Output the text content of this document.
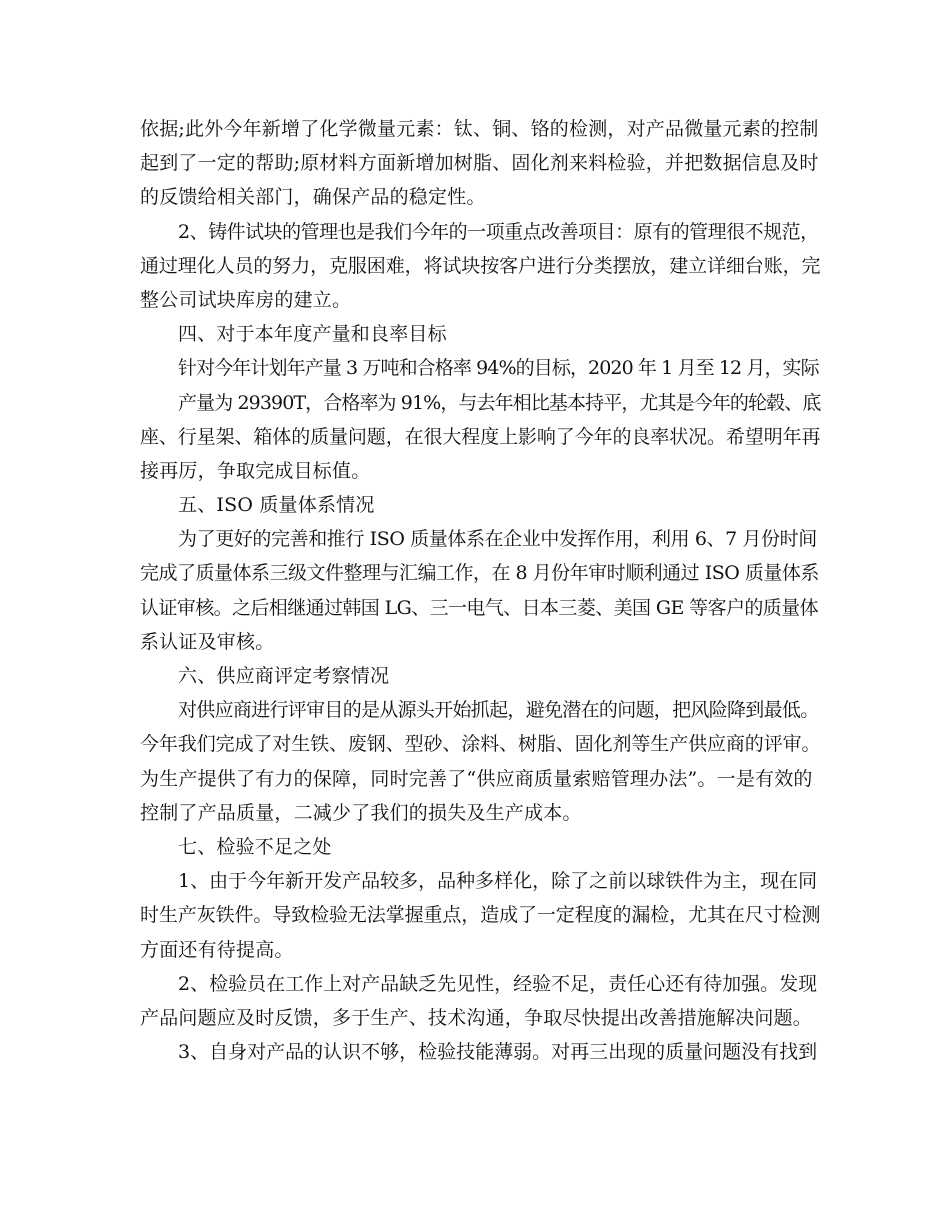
依据;此外今年新增了化学微量元素：钛、铜、铬的检测，对产品微量元素的控制
起到了一定的帮助;原材料方面新增加树脂、固化剂来料检验，并把数据信息及时
的反馈给相关部门，确保产品的稳定性。
2、铸件试块的管理也是我们今年的一项重点改善项目：原有的管理很不规范，
通过理化人员的努力，克服困难，将试块按客户进行分类摆放，建立详细台账，完
整公司试块库房的建立。
四、对于本年度产量和良率目标
针对今年计划年产量 3 万吨和合格率 94%的目标，2020 年 1 月至 12 月，实际
产量为 29390T，合格率为 91%，与去年相比基本持平，尤其是今年的轮毂、底
座、行星架、箱体的质量问题，在很大程度上影响了今年的良率状况。希望明年再
接再厉，争取完成目标值。
五、ISO 质量体系情况
为了更好的完善和推行 ISO 质量体系在企业中发挥作用，利用 6、7 月份时间
完成了质量体系三级文件整理与汇编工作，在 8 月份年审时顺利通过 ISO 质量体系
认证审核。之后相继通过韩国 LG、三一电气、日本三菱、美国 GE 等客户的质量体
系认证及审核。
六、供应商评定考察情况
对供应商进行评审目的是从源头开始抓起，避免潜在的问题，把风险降到最低。
今年我们完成了对生铁、废钢、型砂、涂料、树脂、固化剂等生产供应商的评审。
为生产提供了有力的保障，同时完善了“供应商质量索赔管理办法”。一是有效的
控制了产品质量，二减少了我们的损失及生产成本。
七、检验不足之处
1、由于今年新开发产品较多，品种多样化，除了之前以球铁件为主，现在同
时生产灰铁件。导致检验无法掌握重点，造成了一定程度的漏检，尤其在尺寸检测
方面还有待提高。
2、检验员在工作上对产品缺乏先见性，经验不足，责任心还有待加强。发现
产品问题应及时反馈，多于生产、技术沟通，争取尽快提出改善措施解决问题。
3、自身对产品的认识不够，检验技能薄弱。对再三出现的质量问题没有找到
